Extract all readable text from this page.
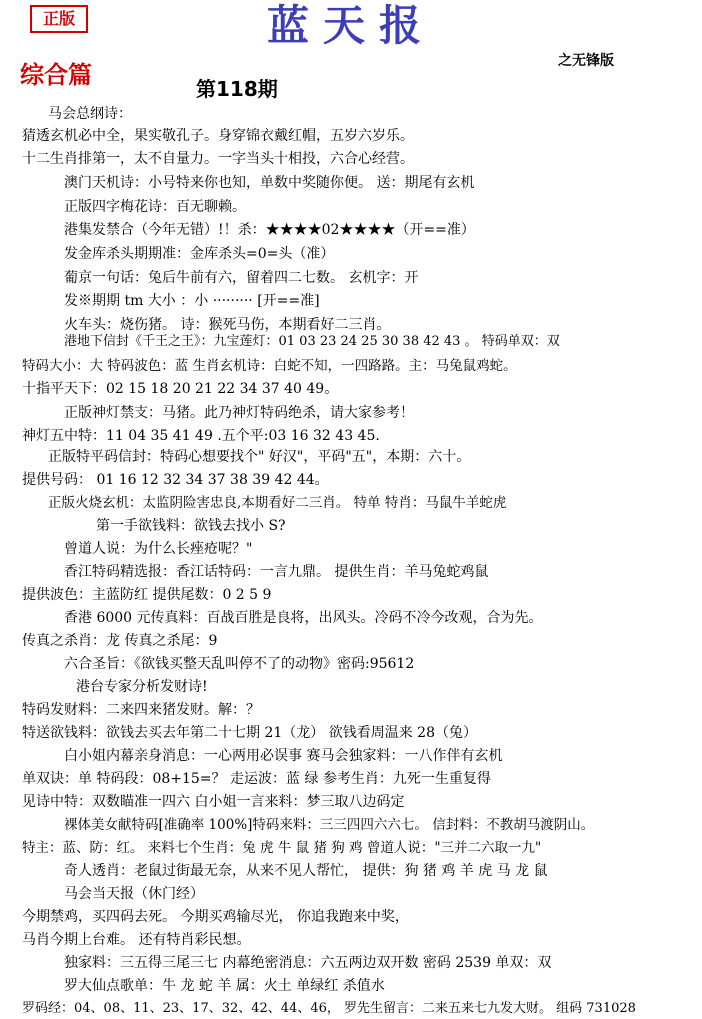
正版	蓝天报
之无锋版
综合篇	第118期
马会总纲诗：
猜透玄机必中全，果实敬孔子。身穿锦衣戴红帽，五岁六岁乐。
十二生肖排第一，太不自量力。一字当头十相投，六合心经营。
澳门天机诗：小号特来你也知，单数中奖随你便。 送：期尾有玄机
正版四字梅花诗：百无聊赖。
港集发禁合（今年无错）!！杀：★★★★02★★★★（开==准）
发金库杀头期期准：金库杀头=0=头（准）
葡京一句话：兔后牛前有六，留着四二七数。 玄机字：开
发※期期 tm 大小 ：小 ········· [开==准]
火车头：烧伤猪。 诗：猴死马伤，本期看好二三肖。
港地下信封《千王之王》：九宝莲灯：01 03 23 24 25 30 38 42 43 。 特码单双：双
特码大小：大 特码波色：蓝 生肖玄机诗：白蛇不知，一四路路。主：马兔鼠鸡蛇。
十指平天下：02 15 18 20 21 22 34 37 40 49。
正版神灯禁支：马猪。此乃神灯特码绝杀，请大家参考！
神灯五中特：11 04 35 41 49 .五个平:03 16 32 43 45.
正版特平码信封：特码心想要找个" 好汉"，平码"五"，本期：六十。
提供号码： 01 16 12 32 34 37 38 39 42 44。
正版火烧玄机：太监阴险害忠良,本期看好二三肖。 特单 特肖：马鼠牛羊蛇虎
第一手欲钱料：欲钱去找小 S?
曾道人说：为什么长痤疮呢？"
香江特码精选报：香江话特码：一言九鼎。 提供生肖：羊马兔蛇鸡鼠
提供波色：主蓝防红 提供尾数：0 2 5 9
香港 6000 元传真料：百战百胜是良将，出风头。冷码不冷今改观，合为先。
传真之杀肖：龙 传真之杀尾：9
六合圣旨：《欲钱买整天乱叫停不了的动物》密码:95612
港台专家分析发财诗!
特码发财料：二来四来猪发财。解：？
特送欲钱料：欲钱去买去年第二十七期 21（龙） 欲钱看周温来 28（兔）
白小姐内幕亲身消息：一心两用必误事 赛马会独家料：一八作伴有玄机
单双诀：单 特码段：08+15=？ 走运波：蓝 绿 参考生肖：九死一生重复得
见诗中特：双数瞄准一四六 白小姐一言来料：梦三取八边码定
裸体美女献特码[准确率 100%]特码来料：三三四四六六七。 信封料：不教胡马渡阴山。
特主：蓝、防：红。 来料七个生肖：兔 虎 牛 鼠 猪 狗 鸡 曾道人说："三并二六取一九"
奇人透肖：老鼠过街最无奈，从来不见人帮忙， 提供：狗 猪 鸡 羊 虎 马 龙 鼠
马会当天报（休门经）
今期禁鸡，买四码去死。 今期买鸡输尽光， 你追我跑来中奖，
马肖今期上台难。 还有特肖彩民想。
独家料：三五得三尾三七 内幕绝密消息：六五两边双开数 密码 2539 单双：双
罗大仙点歌单：牛 龙 蛇 羊 属：火土 单绿红 杀值水
罗码经：04、08、11、23、17、32、42、44、46， 罗先生留言：二来五来七九发大财。 组码 731028
